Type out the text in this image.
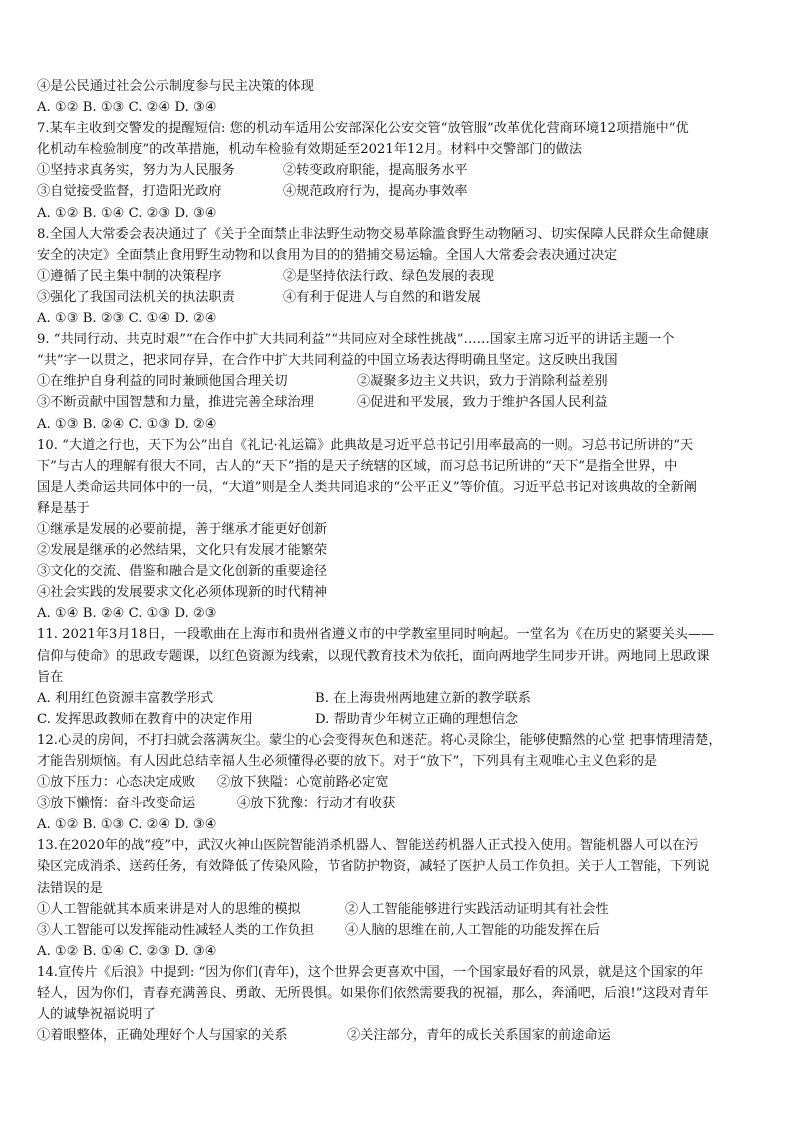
④是公民通过社会公示制度参与民主决策的体现
A. ①② B. ①③ C. ②④ D. ③④
7.某车主收到交警发的提醒短信: 您的机动车适用公安部深化公安交管“放管服”改革优化营商环境12项措施中“优
化机动车检验制度”的改革措施，机动车检验有效期延至2021年12月。材料中交警部门的做法
①坚持求真务实，努力为人民服务	②转变政府职能，提高服务水平
③自觉接受监督，打造阳光政府	④规范政府行为，提高办事效率
A. ①② B. ①④ C. ②③ D. ③④
8.全国人大常委会表决通过了《关于全面禁止非法野生动物交易革除滥食野生动物陋习、切实保障人民群众生命健康
安全的决定》全面禁止食用野生动物和以食用为目的的猎捕交易运输。全国人大常委会表决通过决定
①遵循了民主集中制的决策程序	②是坚持依法行政、绿色发展的表现
③强化了我国司法机关的执法职责	④有利于促进人与自然的和谐发展
A. ①③ B. ②③ C. ①④ D. ②④
9. “共同行动、共克时艰”“在合作中扩大共同利益”“共同应对全球性挑战”……国家主席习近平的讲话主题一个
“共”字一以贯之，把求同存异，在合作中扩大共同利益的中国立场表达得明确且坚定。这反映出我国
①在维护自身利益的同时兼顾他国合理关切	②凝聚多边主义共识，致力于消除利益差别
③不断贡献中国智慧和力量，推进完善全球治理	④促进和平发展，致力于维护各国人民利益
A. ①③ B. ②④ C. ①③ D. ②④
10. “大道之行也，天下为公”出自《礼记·礼运篇》此典故是习近平总书记引用率最高的一则。习总书记所讲的“天
下”与古人的理解有很大不同，古人的“天下”指的是天子统辖的区域，而习总书记所讲的“天下”是指全世界，中
国是人类命运共同体中的一员，“大道”则是全人类共同追求的“公平正义”等价值。习近平总书记对该典故的全新阐
释是基于
①继承是发展的必要前提，善于继承才能更好创新
②发展是继承的必然结果，文化只有发展才能繁荣
③文化的交流、借鉴和融合是文化创新的重要途径
④社会实践的发展要求文化必须体现新的时代精神
A. ①④ B. ②④ C. ①③ D. ②③
11. 2021年3月18日，一段歌曲在上海市和贵州省遵义市的中学教室里同时响起。一堂名为《在历史的紧要关头——
信仰与使命》的思政专题课，以红色资源为线索，以现代教育技术为依托，面向两地学生同步开讲。两地同上思政课
旨在
A. 利用红色资源丰富教学形式	B. 在上海贵州两地建立新的教学联系
C. 发挥思政教师在教育中的决定作用	D. 帮助青少年树立正确的理想信念
12.心灵的房间，不打扫就会落满灰尘。蒙尘的心会变得灰色和迷茫。将心灵除尘，能够使黯然的心堂 把事情理清楚，
才能告别烦恼。有人因此总结幸福人生必须懂得必要的放下。对于“放下”，下列具有主观唯心主义色彩的是
①放下压力：心态决定成败	②放下狭隘：心宽前路必定宽
③放下懒惰：奋斗改变命运	④放下犹豫：行动才有收获
A. ①② B. ①③ C. ②④ D. ③④
13.在2020年的战“疫”中，武汉火神山医院智能消杀机器人、智能送药机器人正式投入使用。智能机器人可以在污
染区完成消杀、送药任务，有效降低了传染风险，节省防护物资，减轻了医护人员工作负担。关于人工智能，下列说
法错误的是
①人工智能就其本质来讲是对人的思维的模拟	②人工智能能够进行实践活动证明其有社会性
③人工智能可以发挥能动性减轻人类的工作负担	④人脑的思维在前,人工智能的功能发挥在后
A. ①② B. ①④ C. ②③ D. ③④
14.宣传片《后浪》中提到: “因为你们(青年)，这个世界会更喜欢中国，一个国家最好看的风景，就是这个国家的年
轻人，因为你们，青春充满善良、勇敢、无所畏惧。如果你们依然需要我的祝福，那么，奔涌吧，后浪!”这段对青年
人的诚挚祝福说明了
①着眼整体，正确处理好个人与国家的关系	②关注部分，青年的成长关系国家的前途命运
